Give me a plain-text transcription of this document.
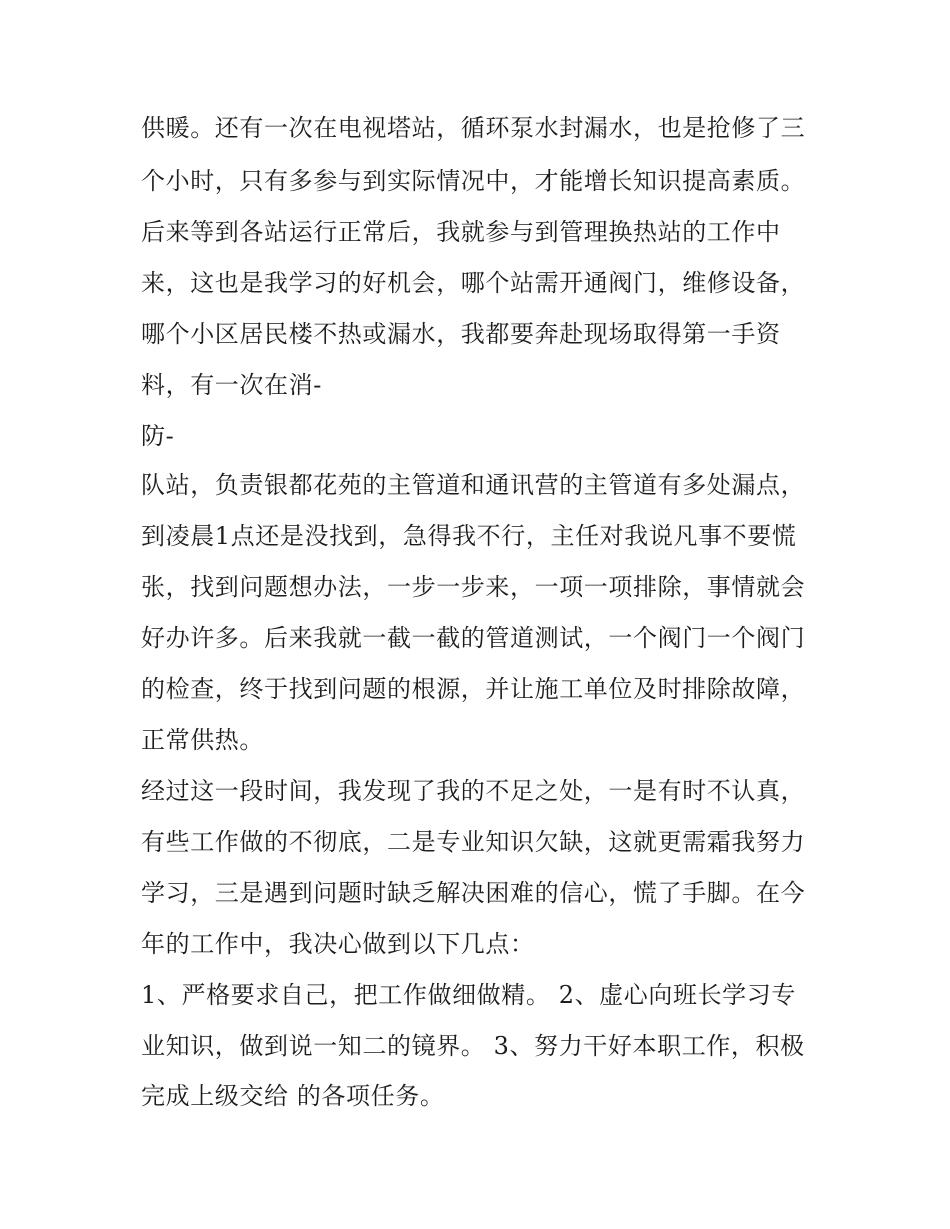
供暖。还有一次在电视塔站，循环泵水封漏水，也是抢修了三
个小时，只有多参与到实际情况中，才能增长知识提高素质。
后来等到各站运行正常后，我就参与到管理换热站的工作中
来，这也是我学习的好机会，哪个站需开通阀门，维修设备，
哪个小区居民楼不热或漏水，我都要奔赴现场取得第一手资
料，有一次在消-
防-
队站，负责银都花苑的主管道和通讯营的主管道有多处漏点，
到凌晨1点还是没找到，急得我不行，主任对我说凡事不要慌
张，找到问题想办法，一步一步来，一项一项排除，事情就会
好办许多。后来我就一截一截的管道测试，一个阀门一个阀门
的检查，终于找到问题的根源，并让施工单位及时排除故障，
正常供热。
经过这一段时间，我发现了我的不足之处，一是有时不认真，
有些工作做的不彻底，二是专业知识欠缺，这就更需霜我努力
学习，三是遇到问题时缺乏解决困难的信心，慌了手脚。在今
年的工作中，我决心做到以下几点：
1、严格要求自己，把工作做细做精。 2、虚心向班长学习专
业知识，做到说一知二的镜界。 3、努力干好本职工作，积极
完成上级交给 的各项任务。
